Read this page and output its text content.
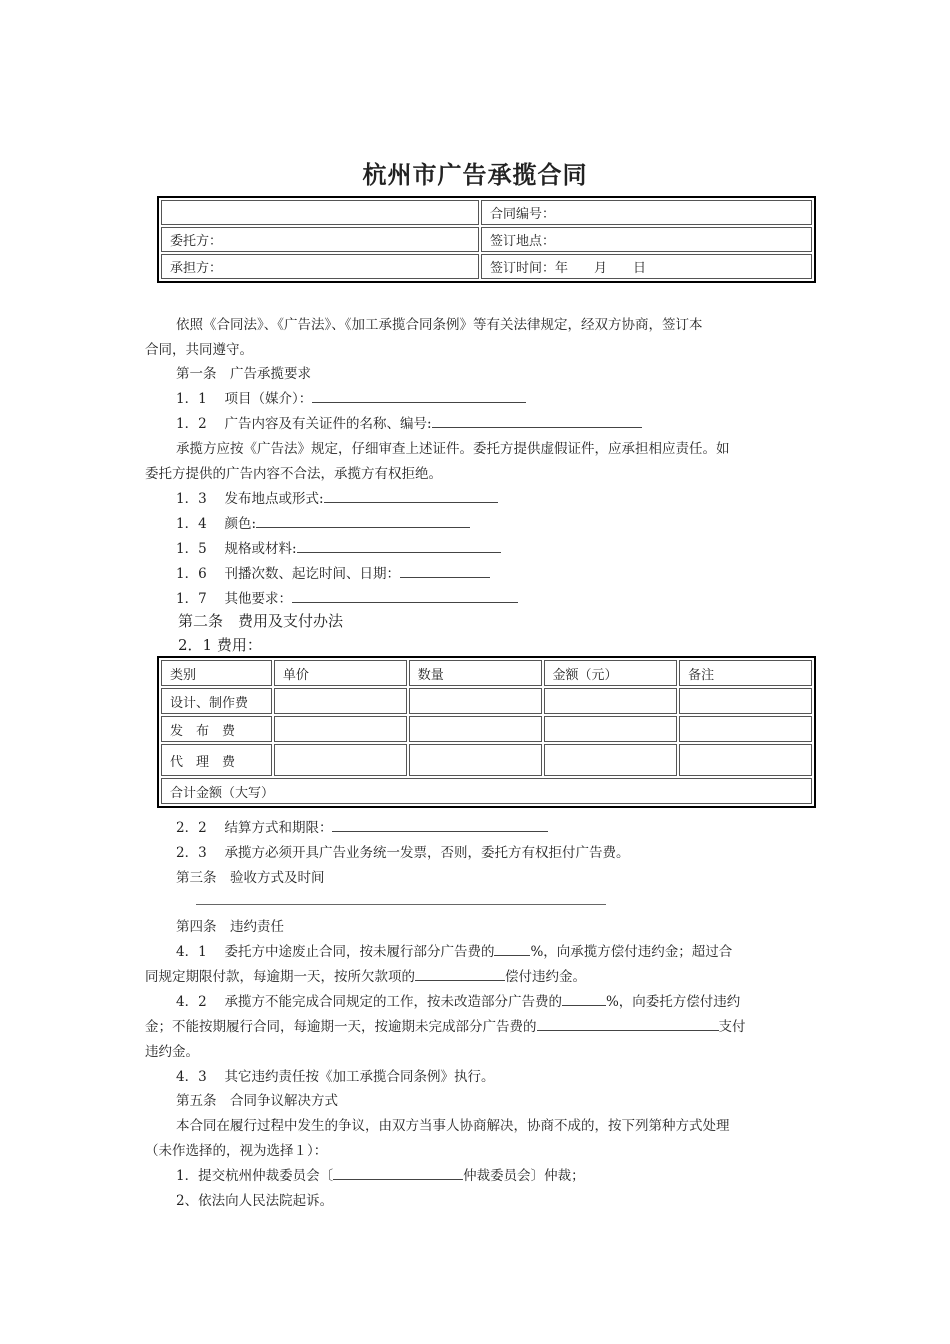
杭州市广告承揽合同
	合同编号：
委托方：	签订地点：
承担方：	签订时间：年　　月　　日
依照《合同法》、《广告法》、《加工承揽合同条例》等有关法律规定，经双方协商，签订本
合同，共同遵守。
第一条　广告承揽要求
1．1　 项目（媒介）：
1．2　 广告内容及有关证件的名称、编号:
承揽方应按《广告法》规定，仔细审查上述证件。委托方提供虚假证件，应承担相应责任。如
委托方提供的广告内容不合法，承揽方有权拒绝。
1．3　 发布地点或形式:
1．4　 颜色:
1．5　 规格或材料:
1．6　 刊播次数、起讫时间、日期：
1．7　 其他要求：
第二条　费用及支付办法
2．1 费用：
类别	单价	数量	金额（元）	备注
设计、制作费				
发　布　费				
代　理　费				
合计金额（大写）				
2．2　 结算方式和期限：
2．3　 承揽方必须开具广告业务统一发票，否则，委托方有权拒付广告费。
第三条　验收方式及时间
第四条　违约责任
4．1　 委托方中途废止合同，按未履行部分广告费的	%，向承揽方偿付违约金；超过合
同规定期限付款，每逾期一天，按所欠款项的	偿付违约金。
4．2　 承揽方不能完成合同规定的工作，按未改造部分广告费的	%，向委托方偿付违约
金；不能按期履行合同，每逾期一天，按逾期未完成部分广告费的	支付
违约金。
4．3　 其它违约责任按《加工承揽合同条例》执行。
第五条　合同争议解决方式
本合同在履行过程中发生的争议，由双方当事人协商解决，协商不成的，按下列第种方式处理
（未作选择的，视为选择１）：
1．提交杭州仲裁委员会〔	仲裁委员会〕仲裁；
2、依法向人民法院起诉。
